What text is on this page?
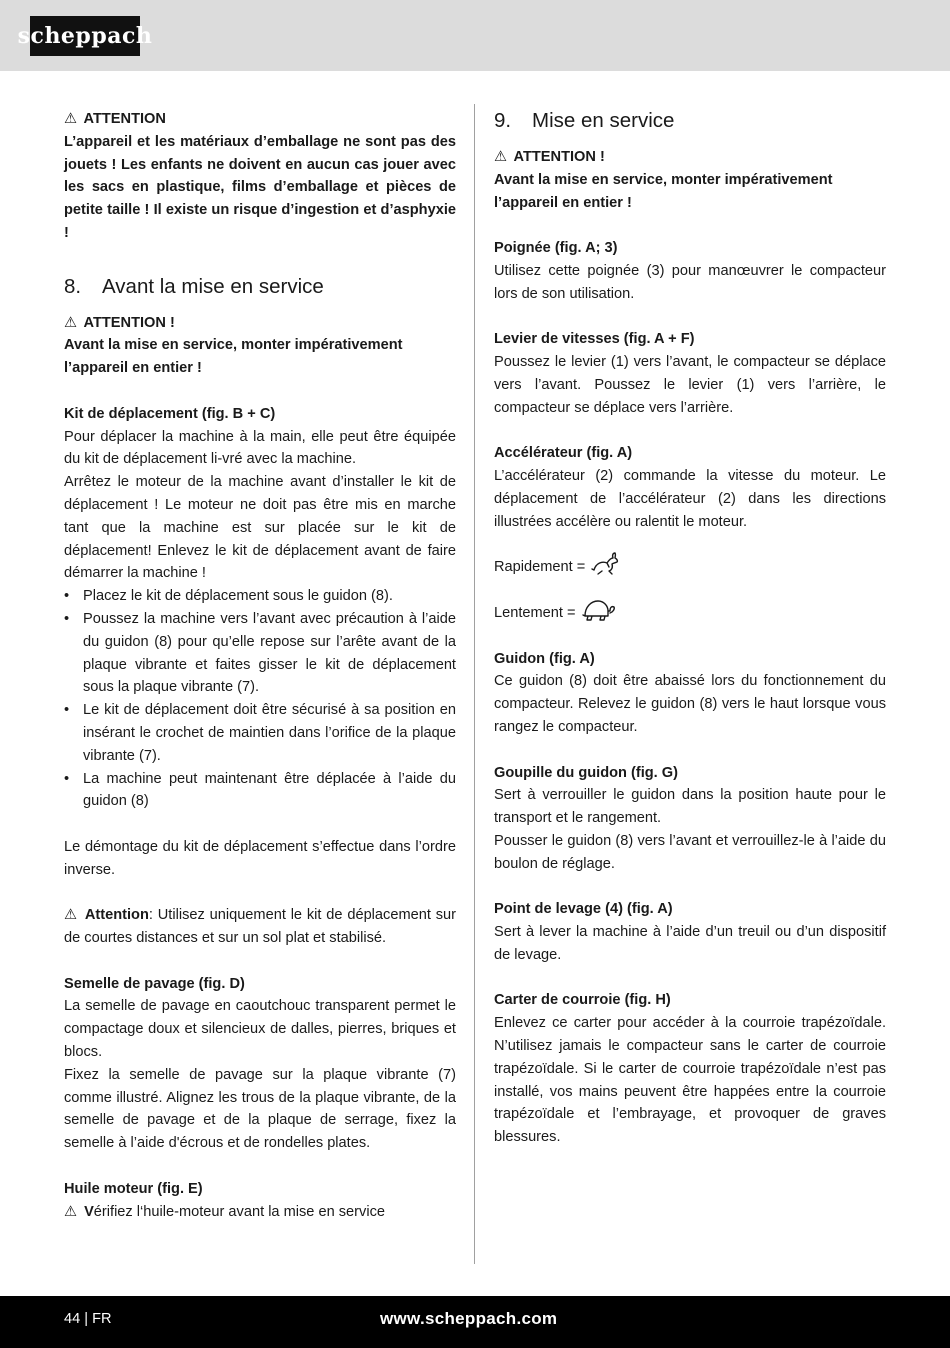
scheppach

⚠ ATTENTION

L’appareil et les matériaux d’emballage ne sont pas des jouets ! Les enfants ne doivent en aucun cas jouer avec les sacs en plastique, films d’emballage et pièces de petite taille ! Il existe un risque d’ingestion et d’asphyxie !

8. Avant la mise en service

⚠ ATTENTION !

Avant la mise en service, monter impérativement l’appareil en entier !

Kit de déplacement (fig. B + C)

Pour déplacer la machine à la main, elle peut être équipée du kit de déplacement li-vré avec la machine.

Arrêtez le moteur de la machine avant d’installer le kit de déplacement ! Le moteur ne doit pas être mis en marche tant que la machine est sur placée sur le kit de déplacement! Enlevez le kit de déplacement avant de faire démarrer la machine !

• Placez le kit de déplacement sous le guidon (8).
• Poussez la machine vers l’avant avec précaution à l’aide du guidon (8) pour qu’elle repose sur l’arête avant de la plaque vibrante et faites gisser le kit de déplacement sous la plaque vibrante (7).
• Le kit de déplacement doit être sécurisé à sa position en insérant le crochet de maintien dans l’orifice de la plaque vibrante (7).
• La machine peut maintenant être déplacée à l’aide du guidon (8)

Le démontage du kit de déplacement s’effectue dans l’ordre inverse.

⚠ Attention: Utilisez uniquement le kit de déplacement sur de courtes distances et sur un sol plat et stabilisé.

Semelle de pavage (fig. D)

La semelle de pavage en caoutchouc transparent permet le compactage doux et silencieux de dalles, pierres, briques et blocs.

Fixez la semelle de pavage sur la plaque vibrante (7) comme illustré. Alignez les trous de la plaque vibrante, de la semelle de pavage et de la plaque de serrage, fixez la semelle à l’aide d'écrous et de rondelles plates.

Huile moteur (fig. E)

⚠ Vérifiez l‘huile-moteur avant la mise en service

9. Mise en service

⚠ ATTENTION !

Avant la mise en service, monter impérativement l’appareil en entier !

Poignée (fig. A; 3)

Utilisez cette poignée (3) pour manœuvrer le compacteur lors de son utilisation.

Levier de vitesses (fig. A + F)

Poussez le levier (1) vers l’avant, le compacteur se déplace vers l’avant. Poussez le levier (1) vers l’arrière, le compacteur se déplace vers l’arrière.

Accélérateur (fig. A)

L’accélérateur (2) commande la vitesse du moteur. Le déplacement de l’accélérateur (2) dans les directions illustrées accélère ou ralentit le moteur.

Rapidement =
Lentement =

Guidon (fig. A)

Ce guidon (8) doit être abaissé lors du fonctionnement du compacteur. Relevez le guidon (8) vers le haut lorsque vous rangez le compacteur.

Goupille du guidon (fig. G)

Sert à verrouiller le guidon dans la position haute pour le transport et le rangement.

Pousser le guidon (8) vers l’avant et verrouillez-le à l’aide du boulon de réglage.

Point de levage (4) (fig. A)

Sert à lever la machine à l’aide d’un treuil ou d’un dispositif de levage.

Carter de courroie (fig. H)

Enlevez ce carter pour accéder à la courroie trapézoïdale. N’utilisez jamais le compacteur sans le carter de courroie trapézoïdale. Si le carter de courroie trapézoïdale n’est pas installé, vos mains peuvent être happées entre la courroie trapézoïdale et l’embrayage, et provoquer de graves blessures.

44 | FR	www.scheppach.com
